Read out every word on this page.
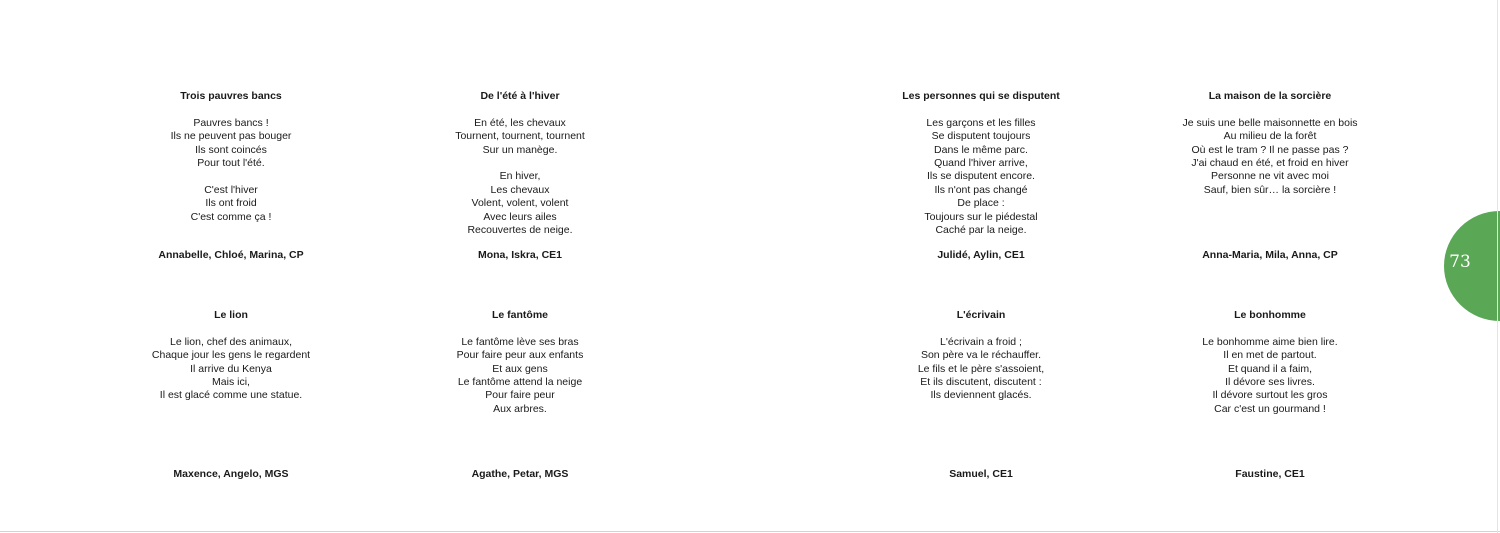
Trois pauvres bancs
Pauvres bancs !
Ils ne peuvent pas bouger
Ils sont coincés
Pour tout l'été.
C'est l'hiver
Ils ont froid
C'est comme ça !
Annabelle, Chloé, Marina, CP
De l'été à l'hiver
En été, les chevaux
Tournent, tournent, tournent
Sur un manège.
En hiver,
Les chevaux
Volent, volent, volent
Avec leurs ailes
Recouvertes de neige.
Mona, Iskra, CE1
Les personnes qui se disputent
Les garçons et les filles
Se disputent toujours
Dans le même parc.
Quand l'hiver arrive,
Ils se disputent encore.
Ils n'ont pas changé
De place :
Toujours sur le piédestal
Caché par la neige.
Julidé, Aylin, CE1
La maison de la sorcière
Je suis une belle maisonnette en bois
Au milieu de la forêt
Où est le tram ? Il ne passe pas ?
J'ai chaud en été, et froid en hiver
Personne ne vit avec moi
Sauf, bien sûr… la sorcière !
Anna-Maria, Mila, Anna, CP
Le lion
Le lion, chef des animaux,
Chaque jour les gens le regardent
Il arrive du Kenya
Mais ici,
Il est glacé comme une statue.
Maxence, Angelo, MGS
Le fantôme
Le fantôme lève ses bras
Pour faire peur aux enfants
Et aux gens
Le fantôme attend la neige
Pour faire peur
Aux arbres.
Agathe, Petar, MGS
L'écrivain
L'écrivain a froid ;
Son père va le réchauffer.
Le fils et le père s'assoient,
Et ils discutent, discutent :
Ils deviennent glacés.
Samuel, CE1
Le bonhomme
Le bonhomme aime bien lire.
Il en met de partout.
Et quand il a faim,
Il dévore ses livres.
Il dévore surtout les gros
Car c'est un gourmand !
Faustine, CE1
73
